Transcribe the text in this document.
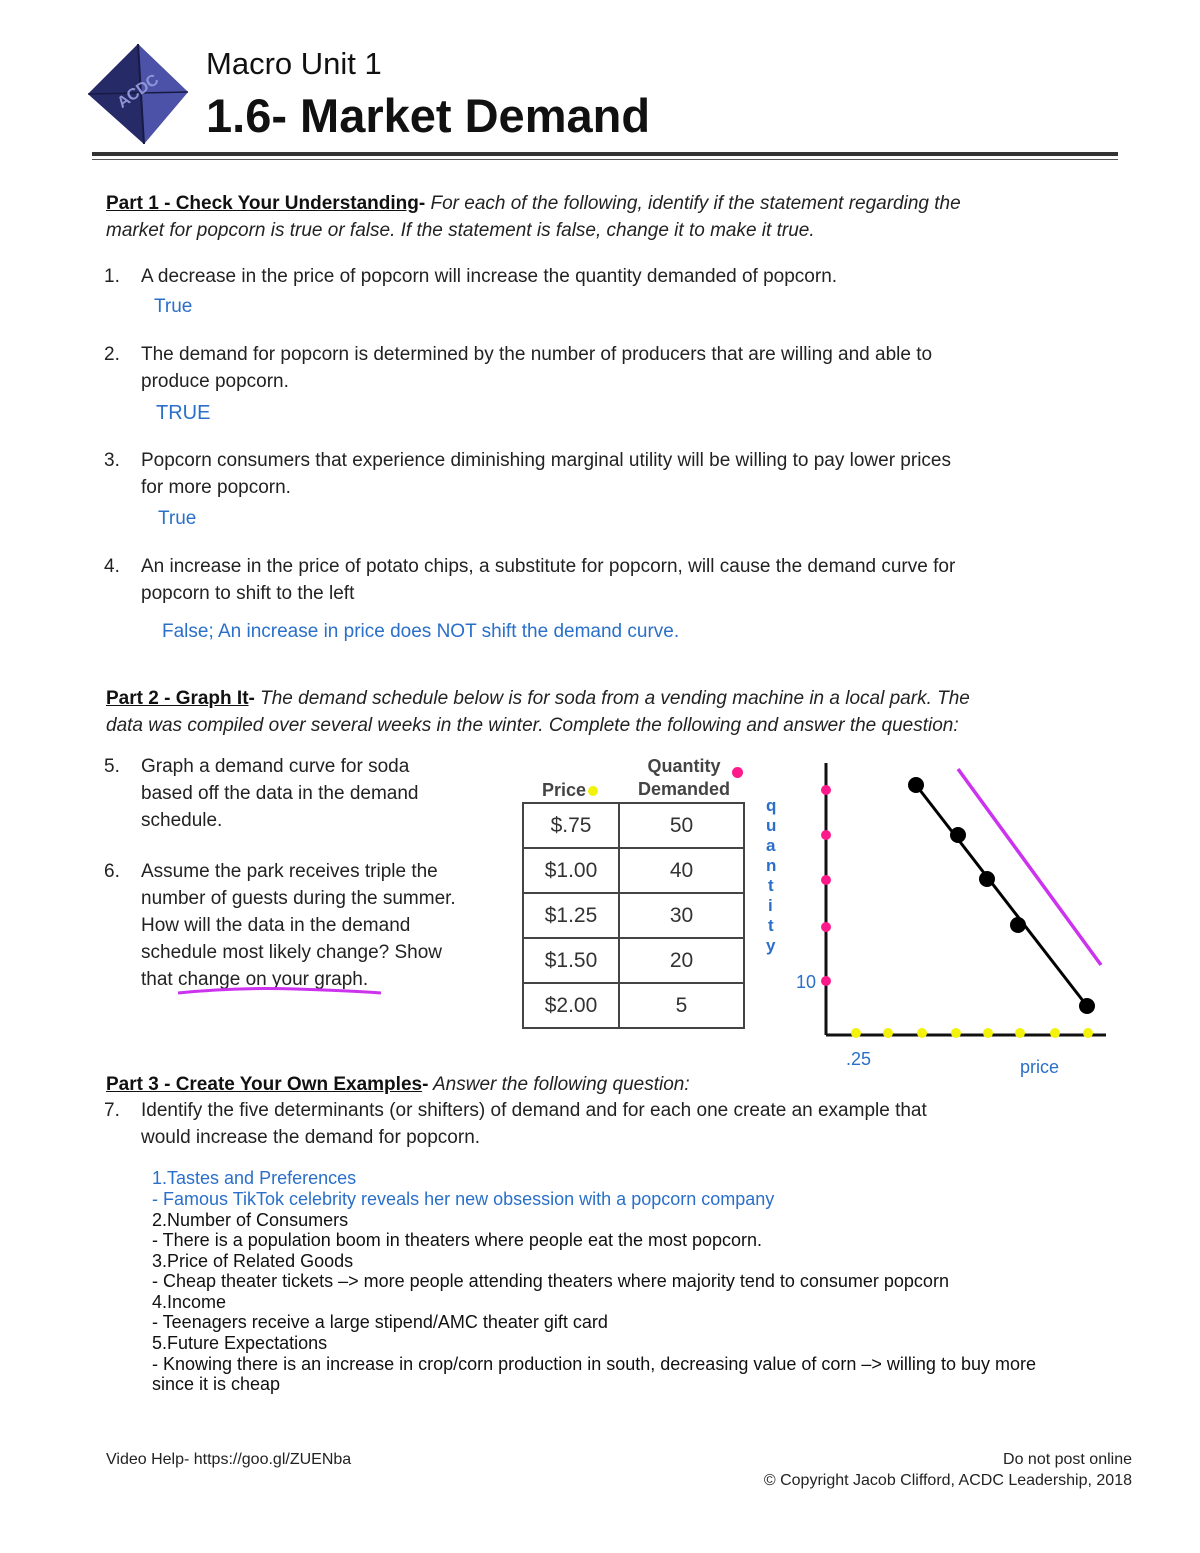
ACDC
Macro Unit 1
1.6- Market Demand
Part 1 - Check Your Understanding- For each of the following, identify if the statement regarding the
market for popcorn is true or false. If the statement is false, change it to make it true.
1. A decrease in the price of popcorn will increase the quantity demanded of popcorn.
True
2. The demand for popcorn is determined by the number of producers that are willing and able to
produce popcorn.
TRUE
3. Popcorn consumers that experience diminishing marginal utility will be willing to pay lower prices
for more popcorn.
True
4. An increase in the price of potato chips, a substitute for popcorn, will cause the demand curve for
popcorn to shift to the left
False; An increase in price does NOT shift the demand curve.
Part 2 - Graph It- The demand schedule below is for soda from a vending machine in a local park. The
data was compiled over several weeks in the winter. Complete the following and answer the question:
5. Graph a demand curve for soda
based off the data in the demand
schedule.
6. Assume the park receives triple the
number of guests during the summer.
How will the data in the demand
schedule most likely change? Show
that change on your graph
.
Price
Quantity
Demanded
$.75	50
$1.00	40
$1.25	30
$1.50	20
$2.00	5
q
u
a
n
t
i
t
y
10
.25	price
Part 3 - Create Your Own Examples- Answer the following question:
7. Identify the five determinants (or shifters) of demand and for each one create an example that
would increase the demand for popcorn.
1.Tastes and Preferences
- Famous TikTok celebrity reveals her new obsession with a popcorn company
2.Number of Consumers
- There is a population boom in theaters where people eat the most popcorn.
3.Price of Related Goods
- Cheap theater tickets –> more people attending theaters where majority tend to consumer popcorn
4.Income
- Teenagers receive a large stipend/AMC theater gift card
5.Future Expectations
- Knowing there is an increase in crop/corn production in south, decreasing value of corn –> willing to buy more
since it is cheap
Video Help- https://goo.gl/ZUENba	Do not post online
© Copyright Jacob Clifford, ACDC Leadership, 2018
